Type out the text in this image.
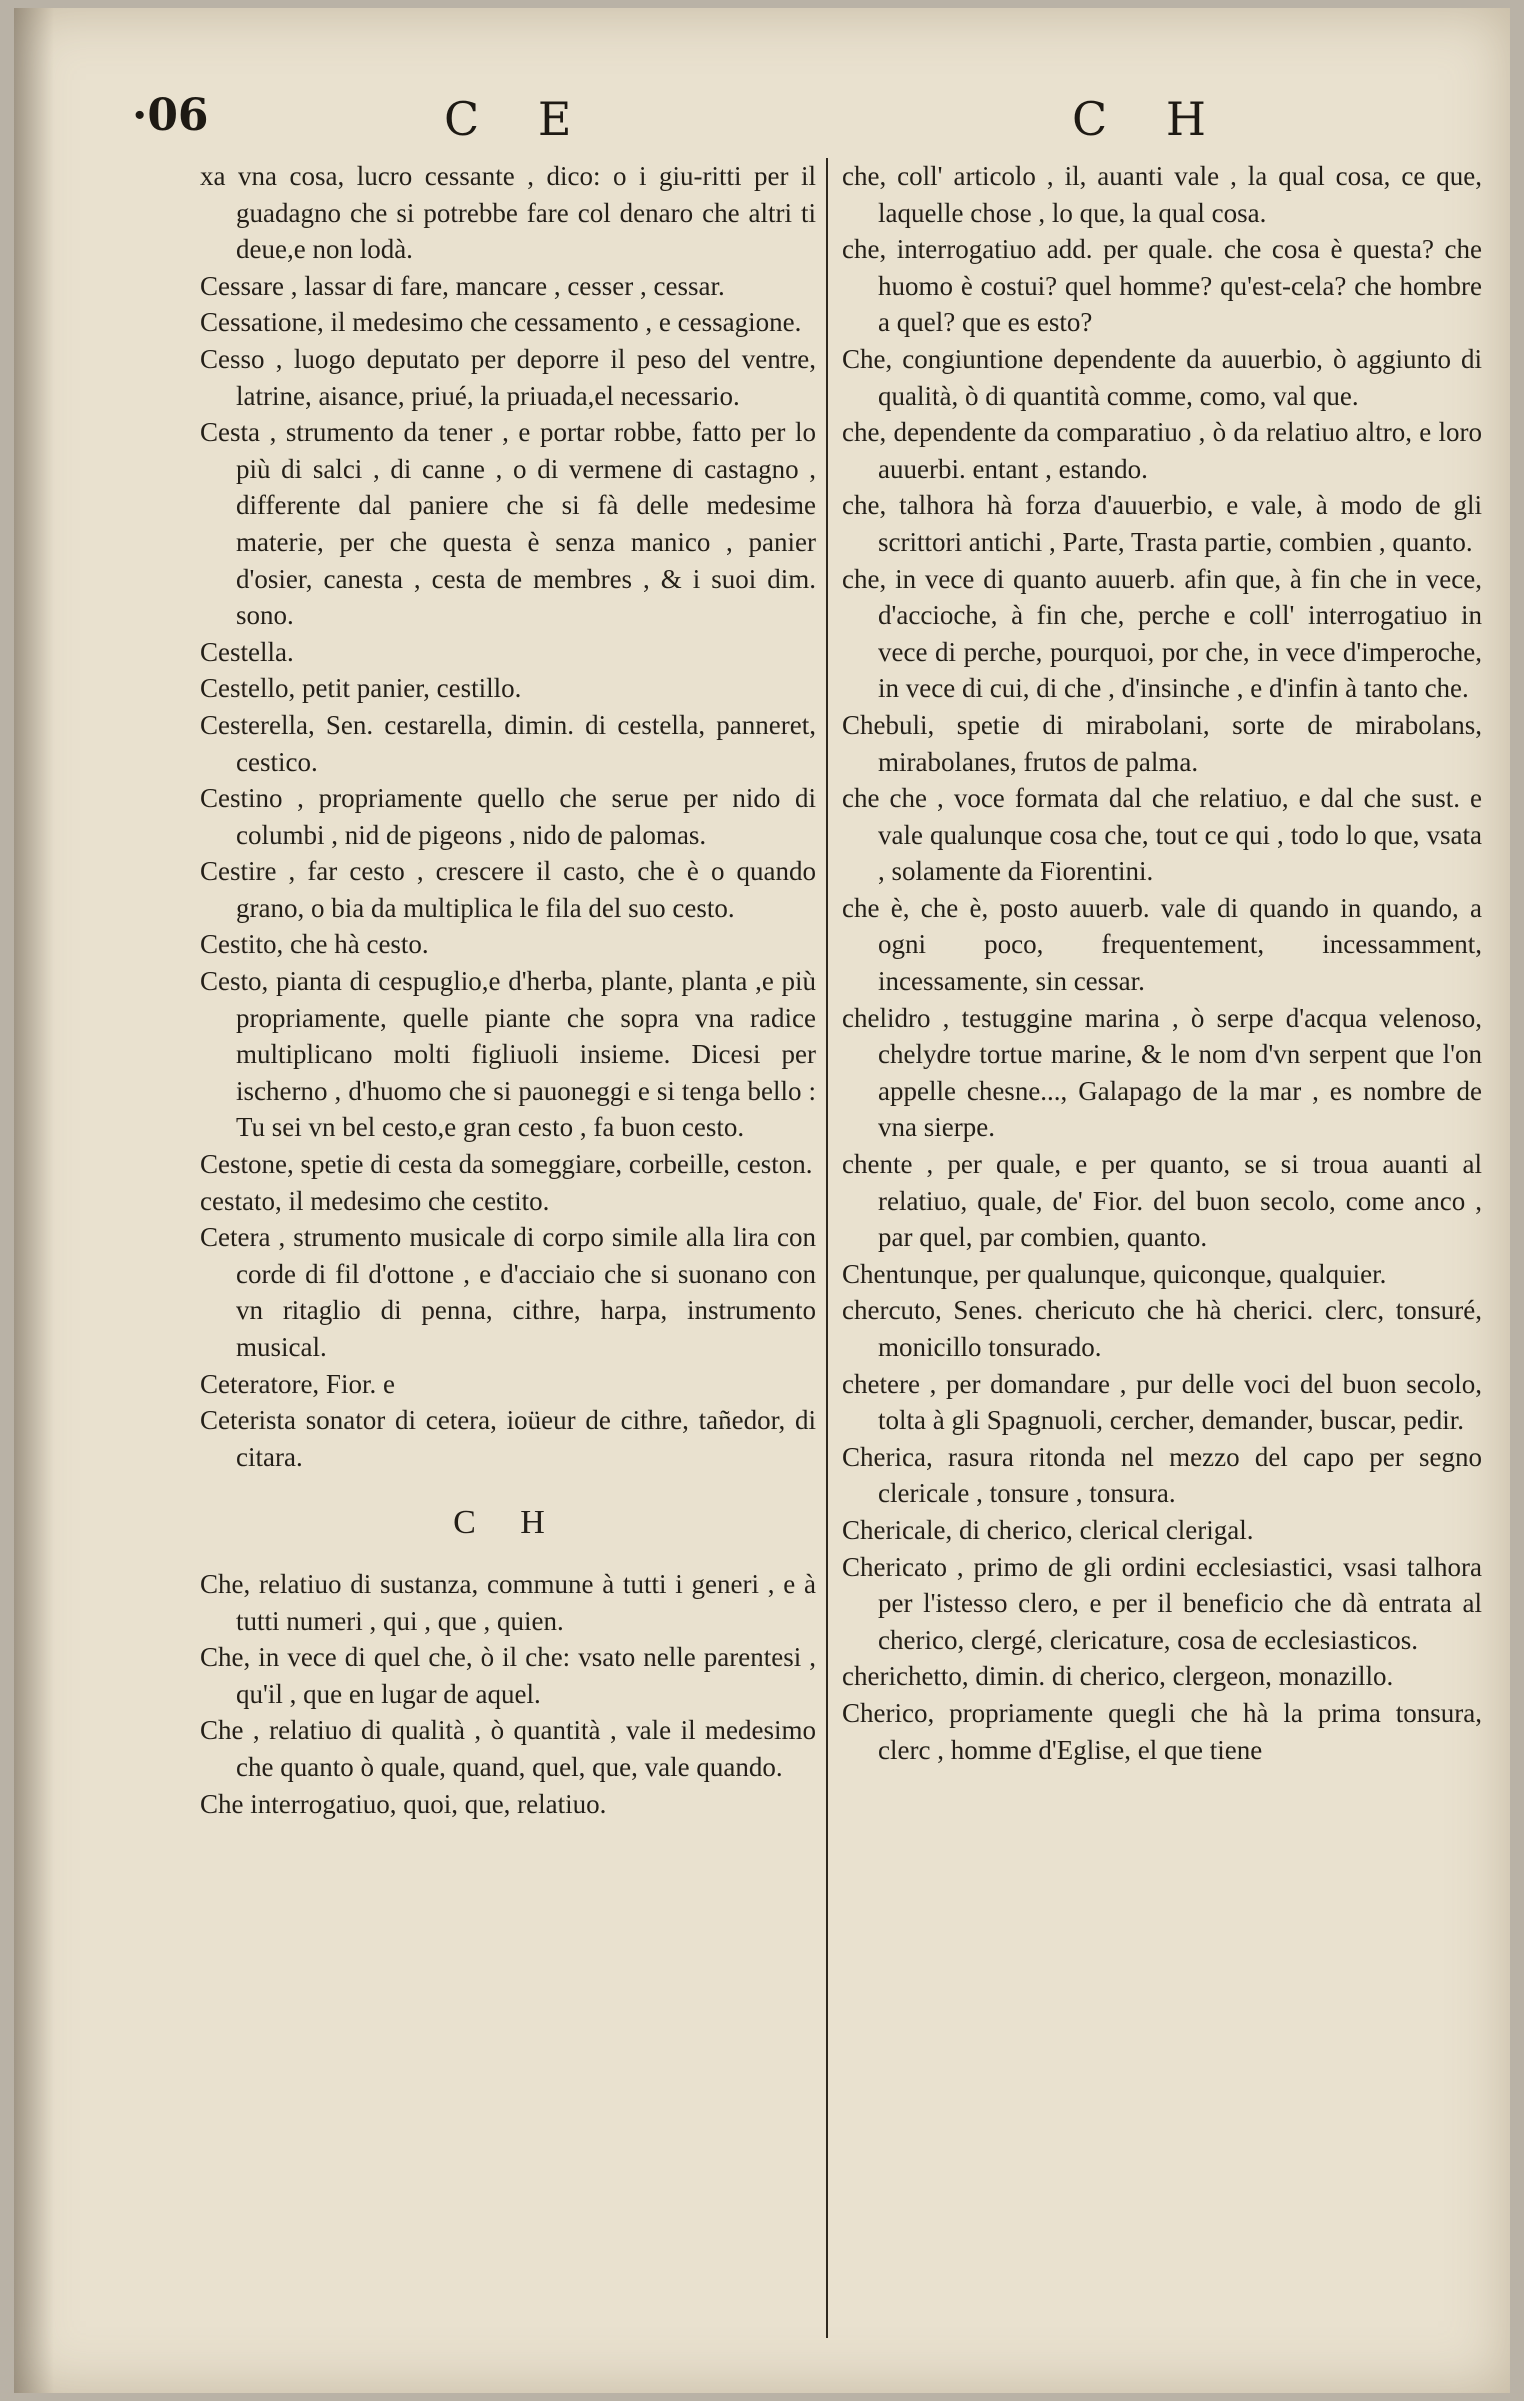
·06	C E	C H

xa vna cosa, lucro cessante , dico: o i giu-ritti per il guadagno che si potrebbe fare col denaro che altri ti deue,e non lodà.

Cessare , lassar di fare, mancare , cesser , cessar.

Cessatione, il medesimo che cessamento , e cessagione.

Cesso , luogo deputato per deporre il peso del ventre, latrine, aisance, priué, la priuada,el necessario.

Cesta , strumento da tener , e portar robbe, fatto per lo più di salci , di canne , o di vermene di castagno , differente dal paniere che si fà delle medesime materie, per che questa è senza manico , panier d'osier, canesta , cesta de membres , & i suoi dim. sono.

Cestella.

Cestello, petit panier, cestillo.

Cesterella, Sen. cestarella, dimin. di cestella, panneret, cestico.

Cestino , propriamente quello che serue per nido di columbi , nid de pigeons , nido de palomas.

Cestire , far cesto , crescere il casto, che è o quando grano, o bia da multiplica le fila del suo cesto.

Cestito, che hà cesto.

Cesto, pianta di cespuglio,e d'herba, plante, planta ,e più propriamente, quelle piante che sopra vna radice multiplicano molti figliuoli insieme. Dicesi per ischerno , d'huomo che si pauoneggi e si tenga bello : Tu sei vn bel cesto,e gran cesto , fa buon cesto.

Cestone, spetie di cesta da someggiare, corbeille, ceston.

cestato, il medesimo che cestito.

Cetera , strumento musicale di corpo simile alla lira con corde di fil d'ottone , e d'acciaio che si suonano con vn ritaglio di penna, cithre, harpa, instrumento musical.

Ceteratore, Fior. e

Ceterista sonator di cetera, ioüeur de cithre, tañedor, di citara.

C H

Che, relatiuo di sustanza, commune à tutti i generi , e à tutti numeri , qui , que , quien.

Che, in vece di quel che, ò il che: vsato nelle parentesi , qu'il , que en lugar de aquel.

Che , relatiuo di qualità , ò quantità , vale il medesimo che quanto ò quale, quand, quel, que, vale quando.

Che interrogatiuo, quoi, que, relatiuo.

che, coll' articolo , il, auanti vale , la qual cosa, ce que, laquelle chose , lo que, la qual cosa.

che, interrogatiuo add. per quale. che cosa è questa? che huomo è costui? quel homme? qu'est-cela? che hombre a quel? que es esto?

Che, congiuntione dependente da auuerbio, ò aggiunto di qualità, ò di quantità comme, como, val que.

che, dependente da comparatiuo , ò da relatiuo altro, e loro auuerbi. entant , estando.

che, talhora hà forza d'auuerbio, e vale, à modo de gli scrittori antichi , Parte, Trasta partie, combien , quanto.

che, in vece di quanto auuerb. afin que, à fin che in vece, d'accioche, à fin che, perche e coll' interrogatiuo in vece di perche, pourquoi, por che, in vece d'imperoche, in vece di cui, di che , d'insinche , e d'infin à tanto che.

Chebuli, spetie di mirabolani, sorte de mirabolans, mirabolanes, frutos de palma.

che che , voce formata dal che relatiuo, e dal che sust. e vale qualunque cosa che, tout ce qui , todo lo que, vsata , solamente da Fiorentini.

che è, che è, posto auuerb. vale di quando in quando, a ogni poco, frequentement, incessamment, incessamente, sin cessar.

chelidro , testuggine marina , ò serpe d'acqua velenoso, chelydre tortue marine, & le nom d'vn serpent que l'on appelle chesne..., Galapago de la mar , es nombre de vna sierpe.

chente , per quale, e per quanto, se si troua auanti al relatiuo, quale, de' Fior. del buon secolo, come anco , par quel, par combien, quanto.

Chentunque, per qualunque, quiconque, qualquier.

chercuto, Senes. chericuto che hà cherici. clerc, tonsuré, monicillo tonsurado.

chetere , per domandare , pur delle voci del buon secolo, tolta à gli Spagnuoli, cercher, demander, buscar, pedir.

Cherica, rasura ritonda nel mezzo del capo per segno clericale , tonsure , tonsura.

Chericale, di cherico, clerical clerigal.

Chericato , primo de gli ordini ecclesiastici, vsasi talhora per l'istesso clero, e per il beneficio che dà entrata al cherico, clergé, clericature, cosa de ecclesiasticos.

cherichetto, dimin. di cherico, clergeon, monazillo.

Cherico, propriamente quegli che hà la prima tonsura, clerc , homme d'Eglise, el que tiene
